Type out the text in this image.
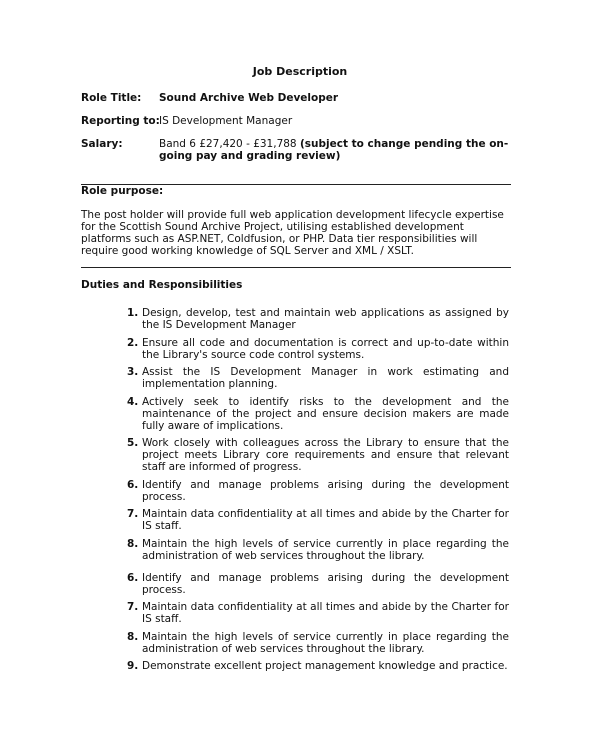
Job Description
Role Title: Sound Archive Web Developer
Reporting to: IS Development Manager
Salary:	Band 6 £27,420 - £31,788 (subject to change pending the on-going pay and grading review)
Role purpose:
The post holder will provide full web application development lifecycle expertise for the Scottish Sound Archive Project, utilising established development platforms such as ASP.NET, Coldfusion, or PHP. Data tier responsibilities will require good working knowledge of SQL Server and XML / XSLT.
Duties and Responsibilities
1. Design, develop, test and maintain web applications as assigned by the IS Development Manager
2. Ensure all code and documentation is correct and up-to-date within the Library's source code control systems.
3. Assist the IS Development Manager in work estimating and implementation planning.
4. Actively seek to identify risks to the development and the maintenance of the project and ensure decision makers are made fully aware of implications.
5. Work closely with colleagues across the Library to ensure that the project meets Library core requirements and ensure that relevant staff are informed of progress.
6. Identify and manage problems arising during the development process.
7. Maintain data confidentiality at all times and abide by the Charter for IS staff.
8. Maintain the high levels of service currently in place regarding the administration of web services throughout the library.
6. Identify and manage problems arising during the development process.
7. Maintain data confidentiality at all times and abide by the Charter for IS staff.
8. Maintain the high levels of service currently in place regarding the administration of web services throughout the library.
9. Demonstrate excellent project management knowledge and practice.
